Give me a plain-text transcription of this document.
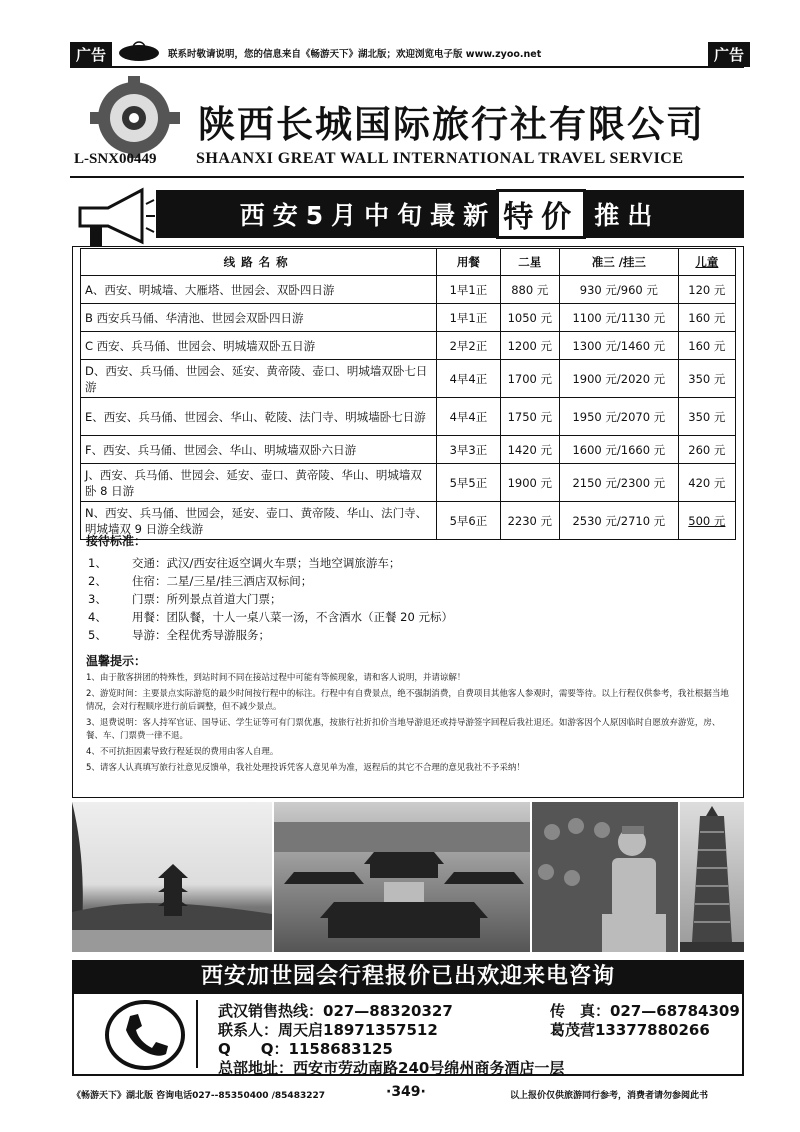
广告	联系时敬请说明，您的信息来自《畅游天下》湖北版；欢迎浏览电子版 www.zyoo.net	广告
L-SNX00449
陕西长城国际旅行社有限公司
SHAANXI GREAT WALL INTERNATIONAL TRAVEL SERVICE
西安5月中旬最新 特价 推出
线路名称	用餐	二星	准三 /挂三	儿童
A、西安、明城墙、大雁塔、世园会、双卧四日游	1早1正	880 元	930 元/960 元	120 元
B 西安兵马俑、华清池、世园会双卧四日游	1早1正	1050 元	1100 元/1130 元	160 元
C 西安、兵马俑、世园会、明城墙双卧五日游	2早2正	1200 元	1300 元/1460 元	160 元
D、西安、兵马俑、世园会、延安、黄帝陵、壶口、明城墙双卧七日游	4早4正	1700 元	1900 元/2020 元	350 元
E、西安、兵马俑、世园会、华山、乾陵、法门寺、明城墙卧七日游	4早4正	1750 元	1950 元/2070 元	350 元
F、西安、兵马俑、世园会、华山、明城墙双卧六日游	3早3正	1420 元	1600 元/1660 元	260 元
J、西安、兵马俑、世园会、延安、壶口、黄帝陵、华山、明城墙双卧 8 日游	5早5正	1900 元	2150 元/2300 元	420 元
N、西安、兵马俑、世园会，延安、壶口、黄帝陵、华山、法门寺、明城墙双 9 日游全线游	5早6正	2230 元	2530 元/2710 元	500 元
接待标准：
1、	交通：武汉/西安往返空调火车票；当地空调旅游车；
2、	住宿：二星/三星/挂三酒店双标间；
3、	门票：所列景点首道大门票；
4、	用餐：团队餐，十人一桌八菜一汤，不含酒水（正餐 20 元标）
5、	导游：全程优秀导游服务；
温馨提示：
1、由于散客拼团的特殊性，到站时间不同在接站过程中可能有等候现象，请和客人说明，并请谅解！
2、游览时间：主要景点实际游览的最少时间按行程中的标注。行程中有自费景点，绝不强制消费，自费项目其他客人参观时，需要等待。以上行程仅供参考，我社根据当地情况，会对行程顺序进行前后调整，但不减少景点。
3、退费说明：客人持军官证、国导证、学生证等可有门票优惠，按旅行社折扣价当地导游退还或持导游签字回程后我社退还。如游客因个人原因临时自愿放弃游览，房、餐、车、门票费一律不退。
4、不可抗拒因素导致行程延误的费用由客人自理。
5、请客人认真填写旅行社意见反馈单，我社处理投诉凭客人意见单为准，返程后的其它不合理的意见我社不予采纳！
西安加世园会行程报价已出欢迎来电咨询
武汉销售热线：027—88320327	传　真：027—68784309
联系人：周天启18971357512	葛茂营13377880266
Q　　Q：1158683125
总部地址：西安市劳动南路240号绵州商务酒店一层
《畅游天下》湖北版 咨询电话027--85350400 /85483227	·349·	以上报价仅供旅游同行参考，消费者请勿参阅此书
